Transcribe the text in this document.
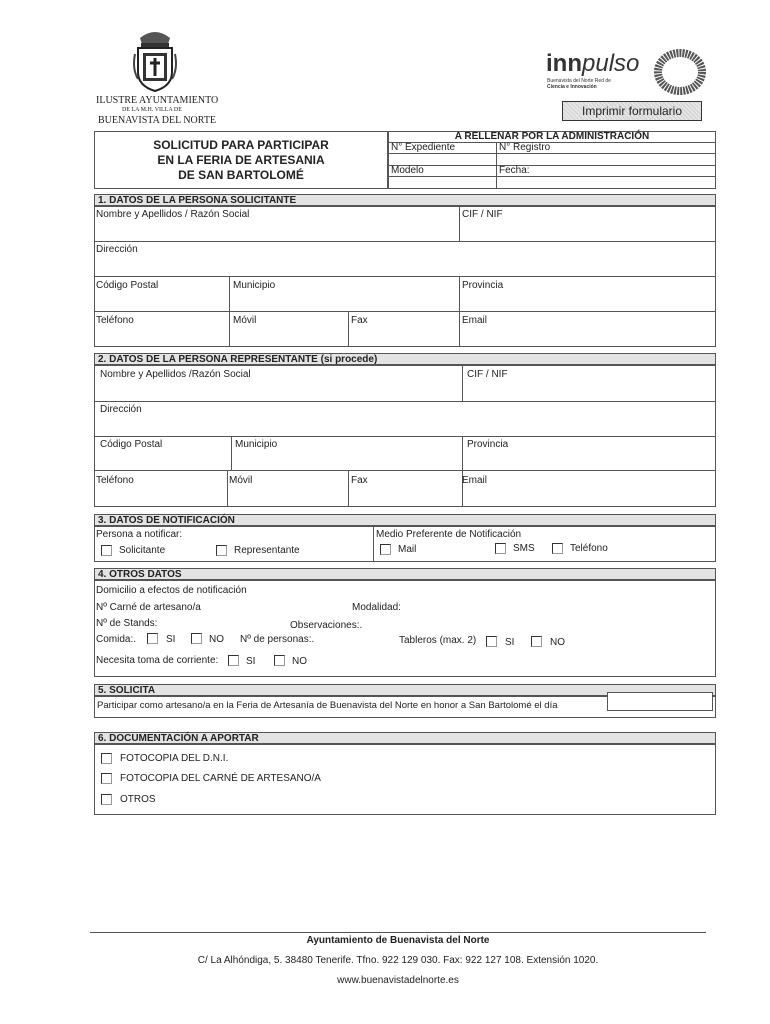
ILUSTRE AYUNTAMIENTO
DE LA M.H. VILLA DE
BUENAVISTA DEL NORTE
innpulso
Buenavista del Norte Red de
Ciencia e Innovación
Imprimir formulario
SOLICITUD PARA PARTICIPAR
EN LA FERIA DE ARTESANIA
DE SAN BARTOLOMÉ
A RELLENAR POR LA ADMINISTRACIÓN
N° Expediente	N° Registro
Modelo	Fecha:
1. DATOS DE LA PERSONA SOLICITANTE
Nombre y Apellidos / Razón Social	CIF / NIF
Dirección
Código Postal	Municipio	Provincia
Teléfono	Móvil	Fax	Email
2. DATOS DE LA PERSONA REPRESENTANTE (si procede)
Nombre y Apellidos /Razón Social	CIF / NIF
Dirección
Código Postal	Municipio	Provincia
Teléfono	Móvil	Fax	Email
3. DATOS DE NOTIFICACIÓN
Persona a notificar:
Solicitante	Representante
Medio Preferente de Notificación
Mail	SMS	Teléfono
4. OTROS DATOS
Domicilio a efectos de notificación
Nº Carné de artesano/a	Modalidad:
Nº de Stands:	Observaciones:.
Comida:.	SI	NO Nº de personas:.	Tableros (max. 2)	SI	NO
Necesita toma de corriente:	SI	NO
5. SOLICITA
Participar como artesano/a en la Feria de Artesanía de Buenavista del Norte en honor a San Bartolomé el día
6. DOCUMENTACIÓN A APORTAR
FOTOCOPIA DEL D.N.I.
FOTOCOPIA DEL CARNÉ DE ARTESANO/A
OTROS
Ayuntamiento de Buenavista del Norte
C/ La Alhóndiga, 5. 38480 Tenerife. Tfno. 922 129 030. Fax: 922 127 108. Extensión 1020.
www.buenavistadelnorte.es
